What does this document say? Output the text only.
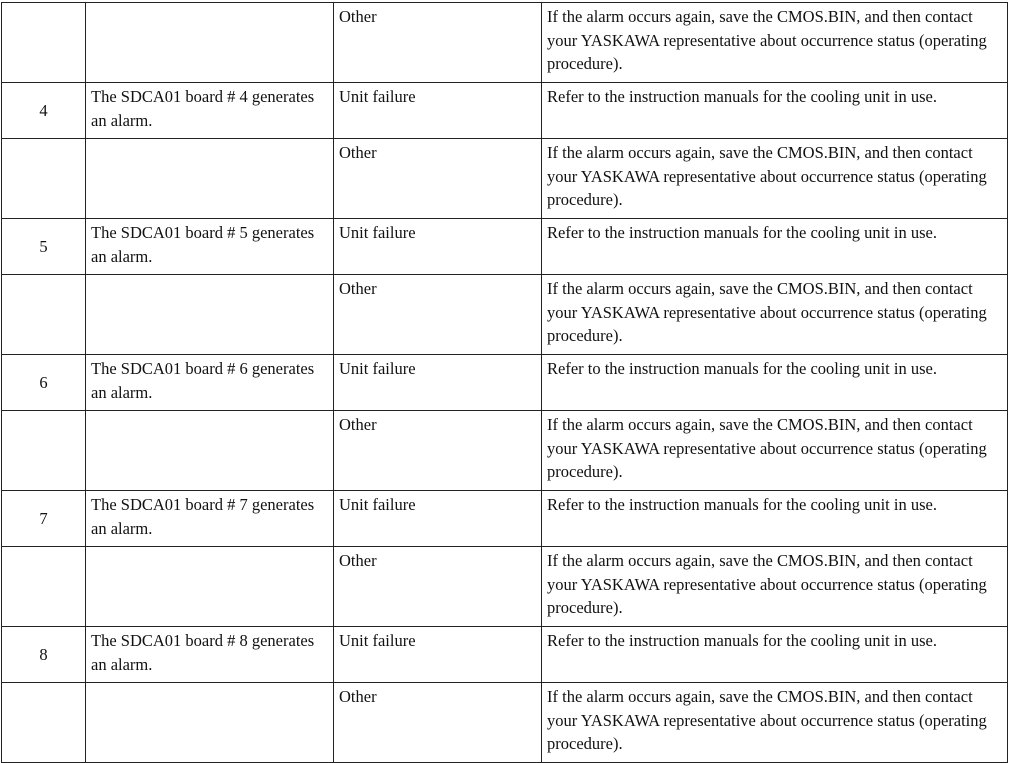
		Other	If the alarm occurs again, save the CMOS.BIN, and then contact your YASKAWA representative about occurrence status (operating procedure).
4	The SDCA01 board # 4 generates an alarm.	Unit failure	Refer to the instruction manuals for the cooling unit in use.
		Other	If the alarm occurs again, save the CMOS.BIN, and then contact your YASKAWA representative about occurrence status (operating procedure).
5	The SDCA01 board # 5 generates an alarm.	Unit failure	Refer to the instruction manuals for the cooling unit in use.
		Other	If the alarm occurs again, save the CMOS.BIN, and then contact your YASKAWA representative about occurrence status (operating procedure).
6	The SDCA01 board # 6 generates an alarm.	Unit failure	Refer to the instruction manuals for the cooling unit in use.
		Other	If the alarm occurs again, save the CMOS.BIN, and then contact your YASKAWA representative about occurrence status (operating procedure).
7	The SDCA01 board # 7 generates an alarm.	Unit failure	Refer to the instruction manuals for the cooling unit in use.
		Other	If the alarm occurs again, save the CMOS.BIN, and then contact your YASKAWA representative about occurrence status (operating procedure).
8	The SDCA01 board # 8 generates an alarm.	Unit failure	Refer to the instruction manuals for the cooling unit in use.
		Other	If the alarm occurs again, save the CMOS.BIN, and then contact your YASKAWA representative about occurrence status (operating procedure).
